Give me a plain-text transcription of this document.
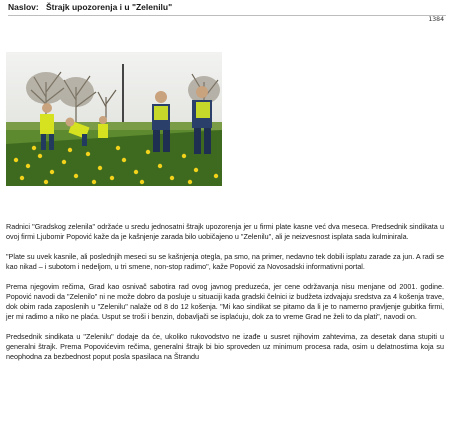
Naslov: Štrajk upozorenja i u "Zelenilu"
1384

Radnici "Gradskog zelenila" održaće u sredu jednosatni štrajk upozorenja jer u firmi plate kasne već dva meseca. Predsednik sindikata u ovoj firmi Ljubomir Popović kaže da je kašnjenje zarada bilo uobičajeno u "Zelenilu", ali je neizvesnost isplata sada kulminirala.

"Plate su uvek kasnile, ali poslednjih meseci su se kašnjenja otegla, pa smo, na primer, nedavno tek dobili isplatu zarade za jun. A radi se kao nikad – i subotom i nedeljom, u tri smene, non-stop radimo", kaže Popović za Novosadski informativni portal.

Prema njegovim rečima, Grad kao osnivač sabotira rad ovog javnog preduzeća, jer cene održavanja nisu menjane od 2001. godine. Popović navodi da "Zelenilo" ni ne može dobro da posluje u situaciji kada gradski čelnici iz budžeta izdvajaju sredstva za 4 košenja trave, dok obim rada zaposlenih u "Zelenilu" nalaže od 8 do 12 košenja. "Mi kao sindikat se pitamo da li je to namerno pravljenje gubitka firmi, jer mi radimo a niko ne plaća. Usput se troši i benzin, dobavljači se isplaćuju, dok za to vreme Grad ne želi to da plati", navodi on.

Predsednik sindikata u "Zelenilu" dodaje da će, ukoliko rukovodstvo ne izađe u susret njihovim zahtevima, za desetak dana stupiti u generalni štrajk. Prema Popovićevim rečima, generalni štrajk bi bio sproveden uz minimum procesa rada, osim u delatnostima koja su neophodna za bezbednost poput posla spasilaca na Štrandu
